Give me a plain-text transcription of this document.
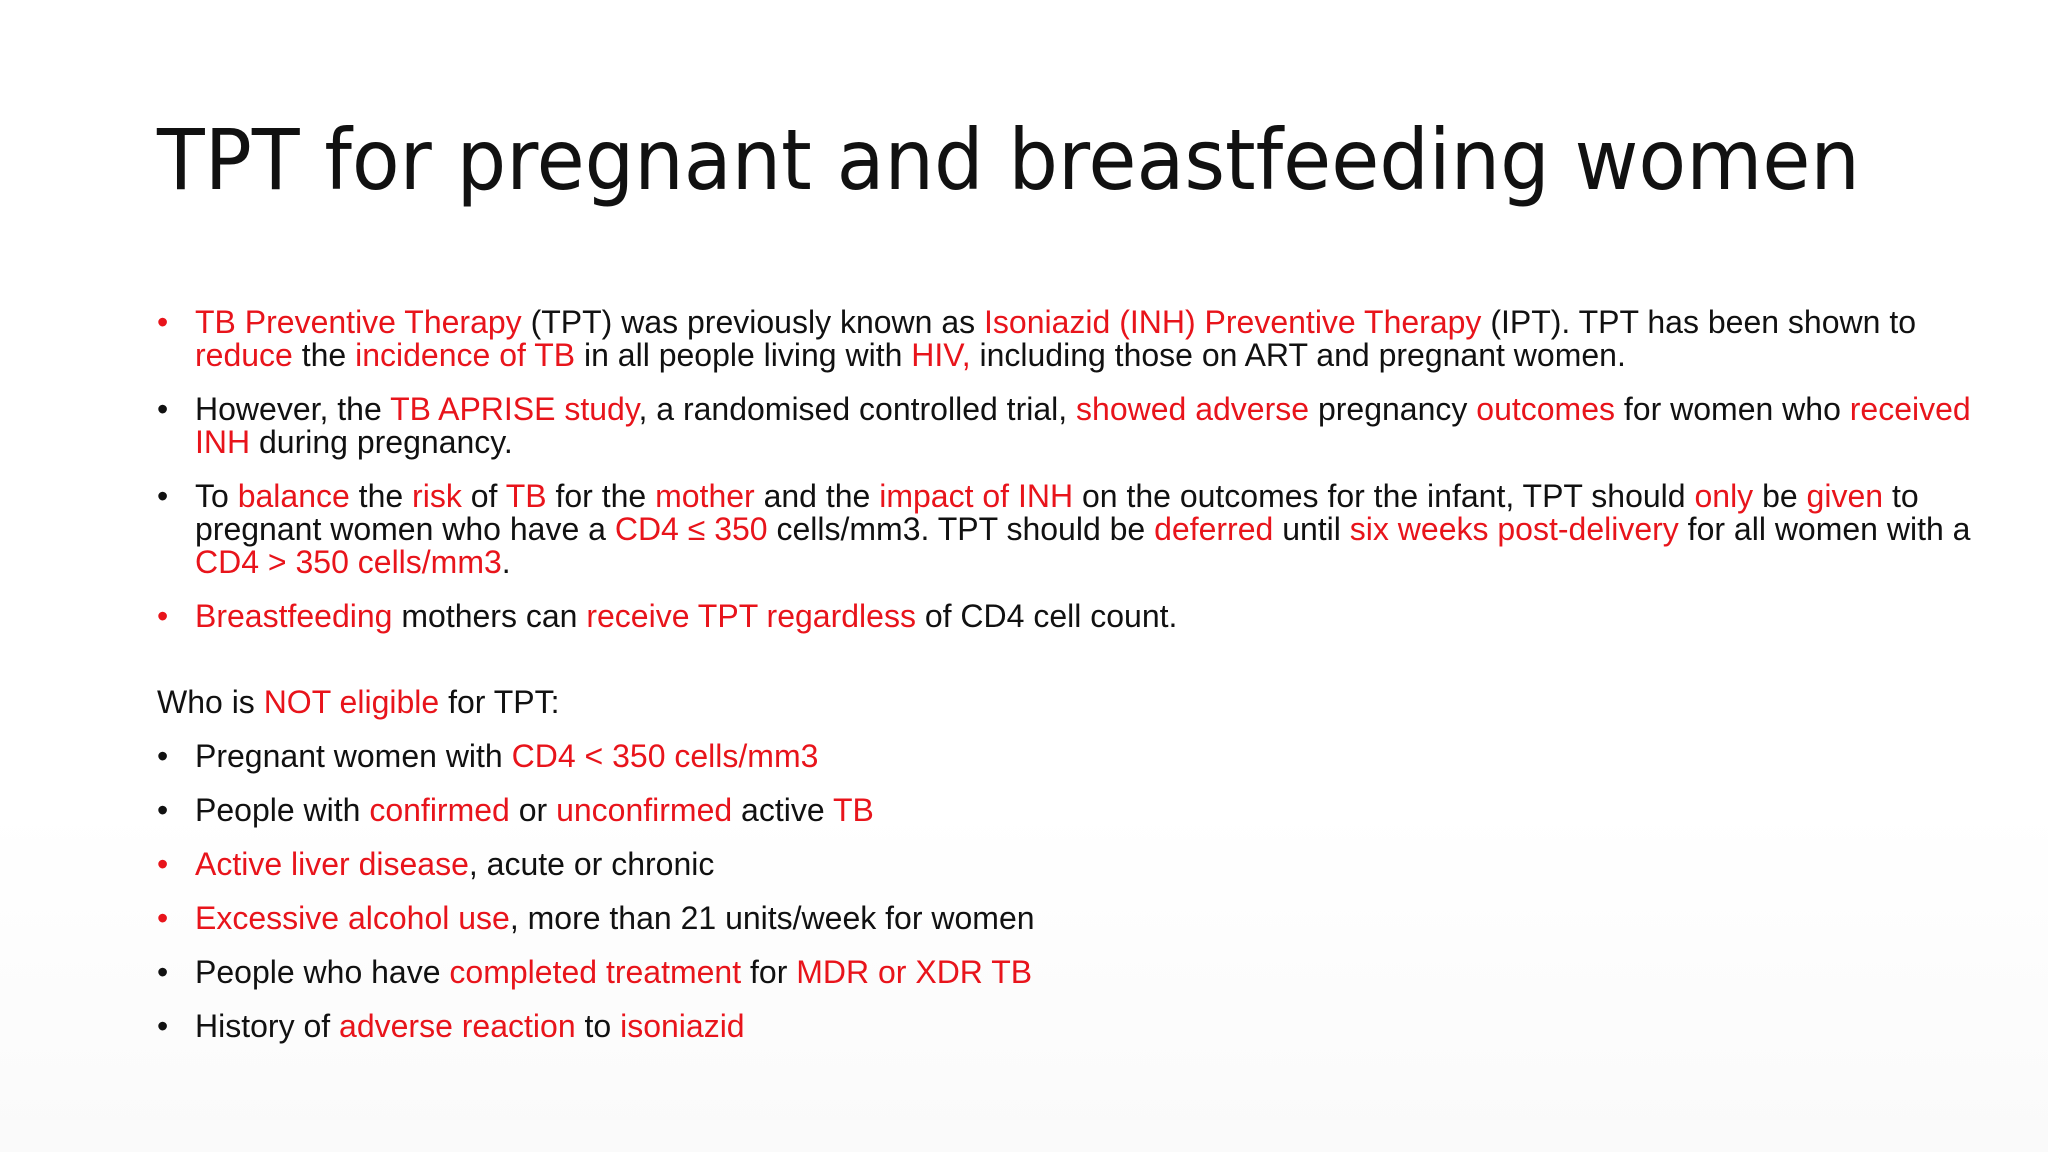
TPT for pregnant and breastfeeding women
• TB Preventive Therapy (TPT) was previously known as Isoniazid (INH) Preventive Therapy (IPT). TPT has been shown to reduce the incidence of TB in all people living with HIV, including those on ART and pregnant women.
• However, the TB APRISE study, a randomised controlled trial, showed adverse pregnancy outcomes for women who received INH during pregnancy.
• To balance the risk of TB for the mother and the impact of INH on the outcomes for the infant, TPT should only be given to pregnant women who have a CD4 ≤ 350 cells/mm3. TPT should be deferred until six weeks post-delivery for all women with a CD4 > 350 cells/mm3.
• Breastfeeding mothers can receive TPT regardless of CD4 cell count.
Who is NOT eligible for TPT:
• Pregnant women with CD4 < 350 cells/mm3
• People with confirmed or unconfirmed active TB
• Active liver disease, acute or chronic
• Excessive alcohol use, more than 21 units/week for women
• People who have completed treatment for MDR or XDR TB
• History of adverse reaction to isoniazid
